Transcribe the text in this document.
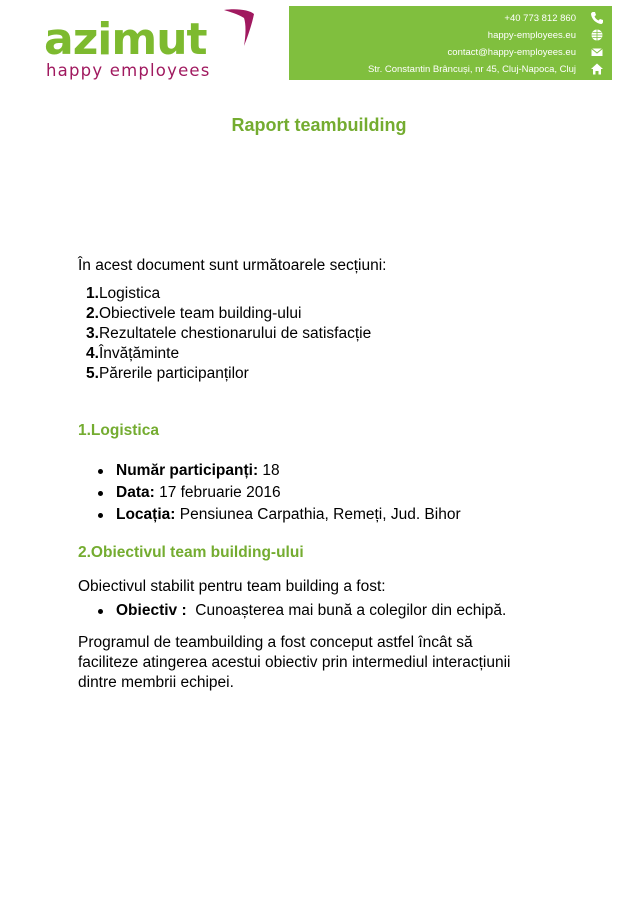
azimut
happy employees
+40 773 812 860
happy-employees.eu
contact@happy-employees.eu
Str. Constantin Brâncuși, nr 45, Cluj-Napoca, Cluj
Raport teambuilding
În acest document sunt următoarele secțiuni:
1.Logistica
2.Obiectivele team building-ului
3.Rezultatele chestionarului de satisfacție
4.Învățăminte
5.Părerile participanților
1.Logistica
Număr participanți: 18
Data: 17 februarie 2016
Locația: Pensiunea Carpathia, Remeți, Jud. Bihor
2.Obiectivul team building-ului
Obiectivul stabilit pentru team building a fost:
Obiectiv :  Cunoașterea mai bună a colegilor din echipă.
Programul de teambuilding a fost conceput astfel încât să
faciliteze atingerea acestui obiectiv prin intermediul interacțiunii
dintre membrii echipei.
